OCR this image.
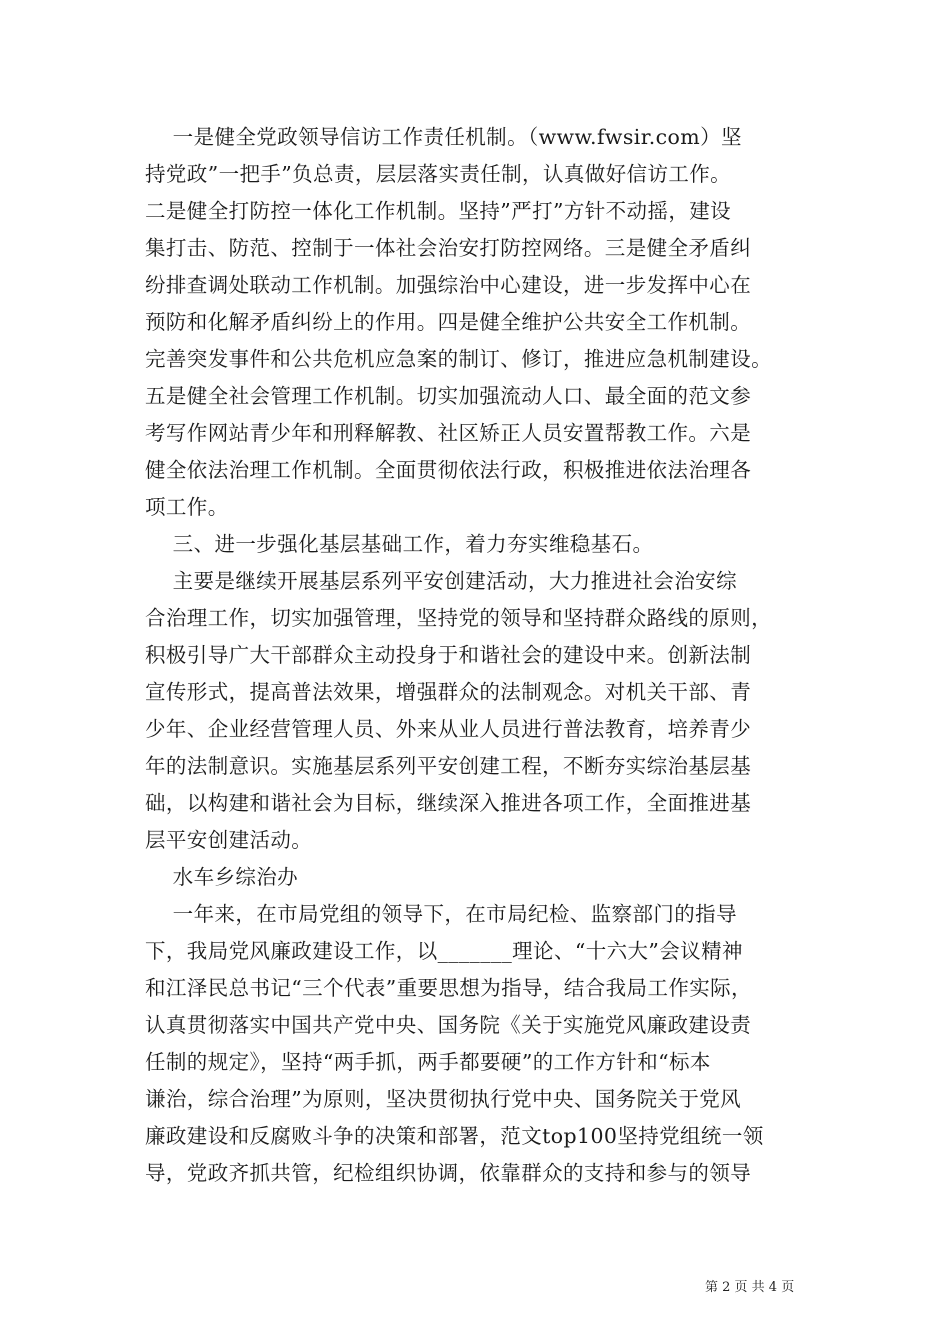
一是健全党政领导信访工作责任机制。（www.fwsir.com）坚
持党政”一把手”负总责，层层落实责任制，认真做好信访工作。
二是健全打防控一体化工作机制。坚持”严打”方针不动摇，建设
集打击、防范、控制于一体社会治安打防控网络。三是健全矛盾纠
纷排查调处联动工作机制。加强综治中心建设，进一步发挥中心在
预防和化解矛盾纠纷上的作用。四是健全维护公共安全工作机制。
完善突发事件和公共危机应急案的制订、修订，推进应急机制建设。
五是健全社会管理工作机制。切实加强流动人口、最全面的范文参
考写作网站青少年和刑释解教、社区矫正人员安置帮教工作。六是
健全依法治理工作机制。全面贯彻依法行政，积极推进依法治理各
项工作。
三、进一步强化基层基础工作，着力夯实维稳基石。
主要是继续开展基层系列平安创建活动，大力推进社会治安综
合治理工作，切实加强管理，坚持党的领导和坚持群众路线的原则，
积极引导广大干部群众主动投身于和谐社会的建设中来。创新法制
宣传形式，提高普法效果，增强群众的法制观念。对机关干部、青
少年、企业经营管理人员、外来从业人员进行普法教育，培养青少
年的法制意识。实施基层系列平安创建工程，不断夯实综治基层基
础，以构建和谐社会为目标，继续深入推进各项工作，全面推进基
层平安创建活动。
水车乡综治办
一年来，在市局党组的领导下，在市局纪检、监察部门的指导
下，我局党风廉政建设工作，以_______理论、“十六大”会议精神
和江泽民总书记“三个代表”重要思想为指导，结合我局工作实际，
认真贯彻落实中国共产党中央、国务院《关于实施党风廉政建设责
任制的规定》，坚持“两手抓，两手都要硬”的工作方针和“标本
谦治，综合治理”为原则，坚决贯彻执行党中央、国务院关于党风
廉政建设和反腐败斗争的决策和部署，范文top100坚持党组统一领
导，党政齐抓共管，纪检组织协调，依靠群众的支持和参与的领导
第 2 页 共 4 页
